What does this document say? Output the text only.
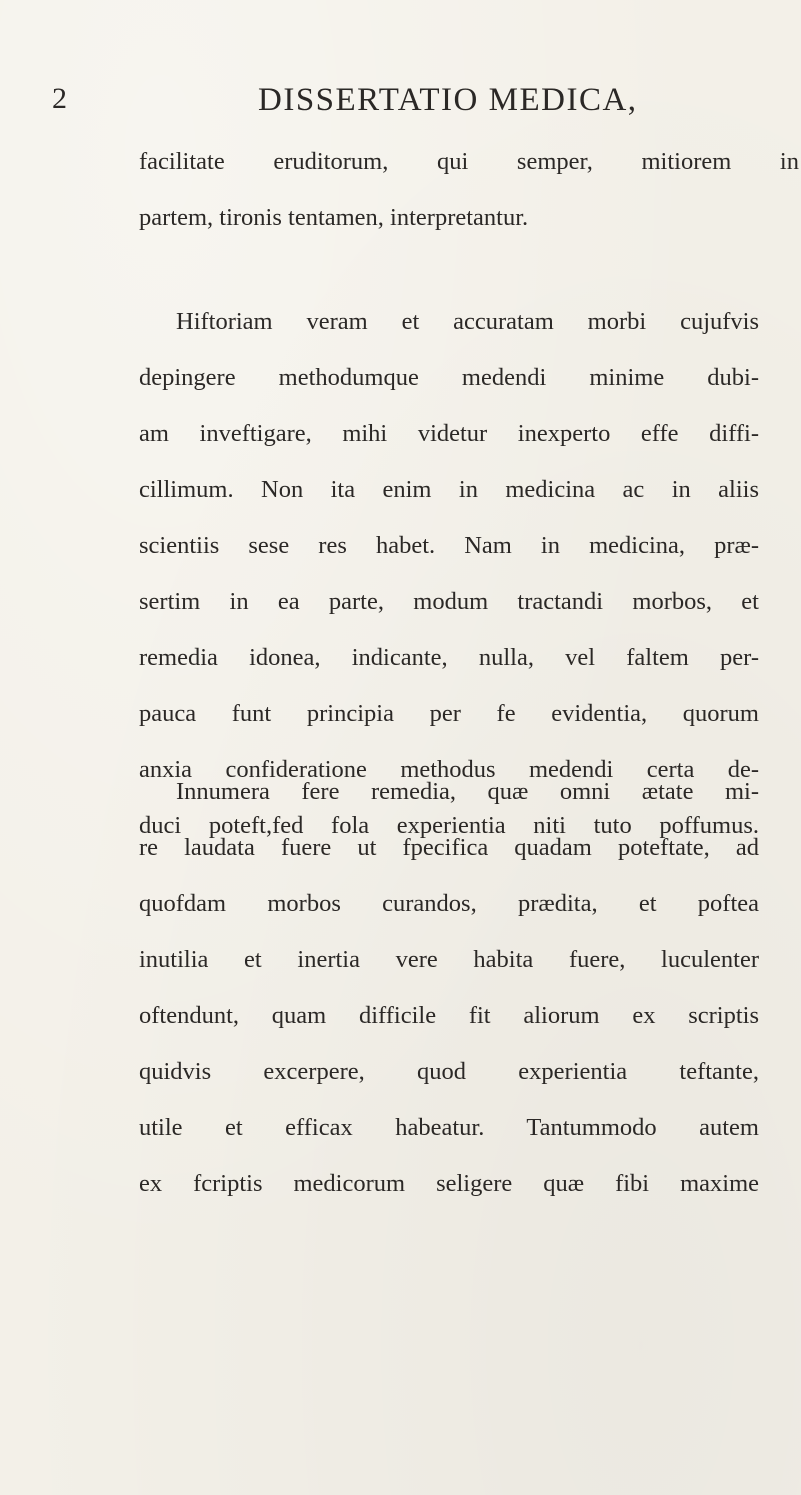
2	DISSERTATIO MEDICA,
facilitate eruditorum, qui semper, mitiorem in
partem, tironis tentamen, interpretantur.
Hiftoriam veram et accuratam morbi cujufvis
depingere methodumque medendi minime dubi-
am inveftigare, mihi videtur inexperto effe diffi-
cillimum. Non ita enim in medicina ac in aliis
scientiis sese res habet. Nam in medicina, præ-
sertim in ea parte, modum tractandi morbos, et
remedia idonea, indicante, nulla, vel faltem per-
pauca funt principia per fe evidentia, quorum
anxia confideratione methodus medendi certa de-
duci poteft,fed fola experientia niti tuto poffumus.
Innumera fere remedia, quæ omni ætate mi-
re laudata fuere ut fpecifica quadam poteftate, ad
quofdam morbos curandos, prædita, et poftea
inutilia et inertia vere habita fuere, luculenter
oftendunt, quam difficile fit aliorum ex scriptis
quidvis excerpere, quod experientia teftante,
utile et efficax habeatur. Tantummodo autem
ex fcriptis medicorum seligere quæ fibi maxime
